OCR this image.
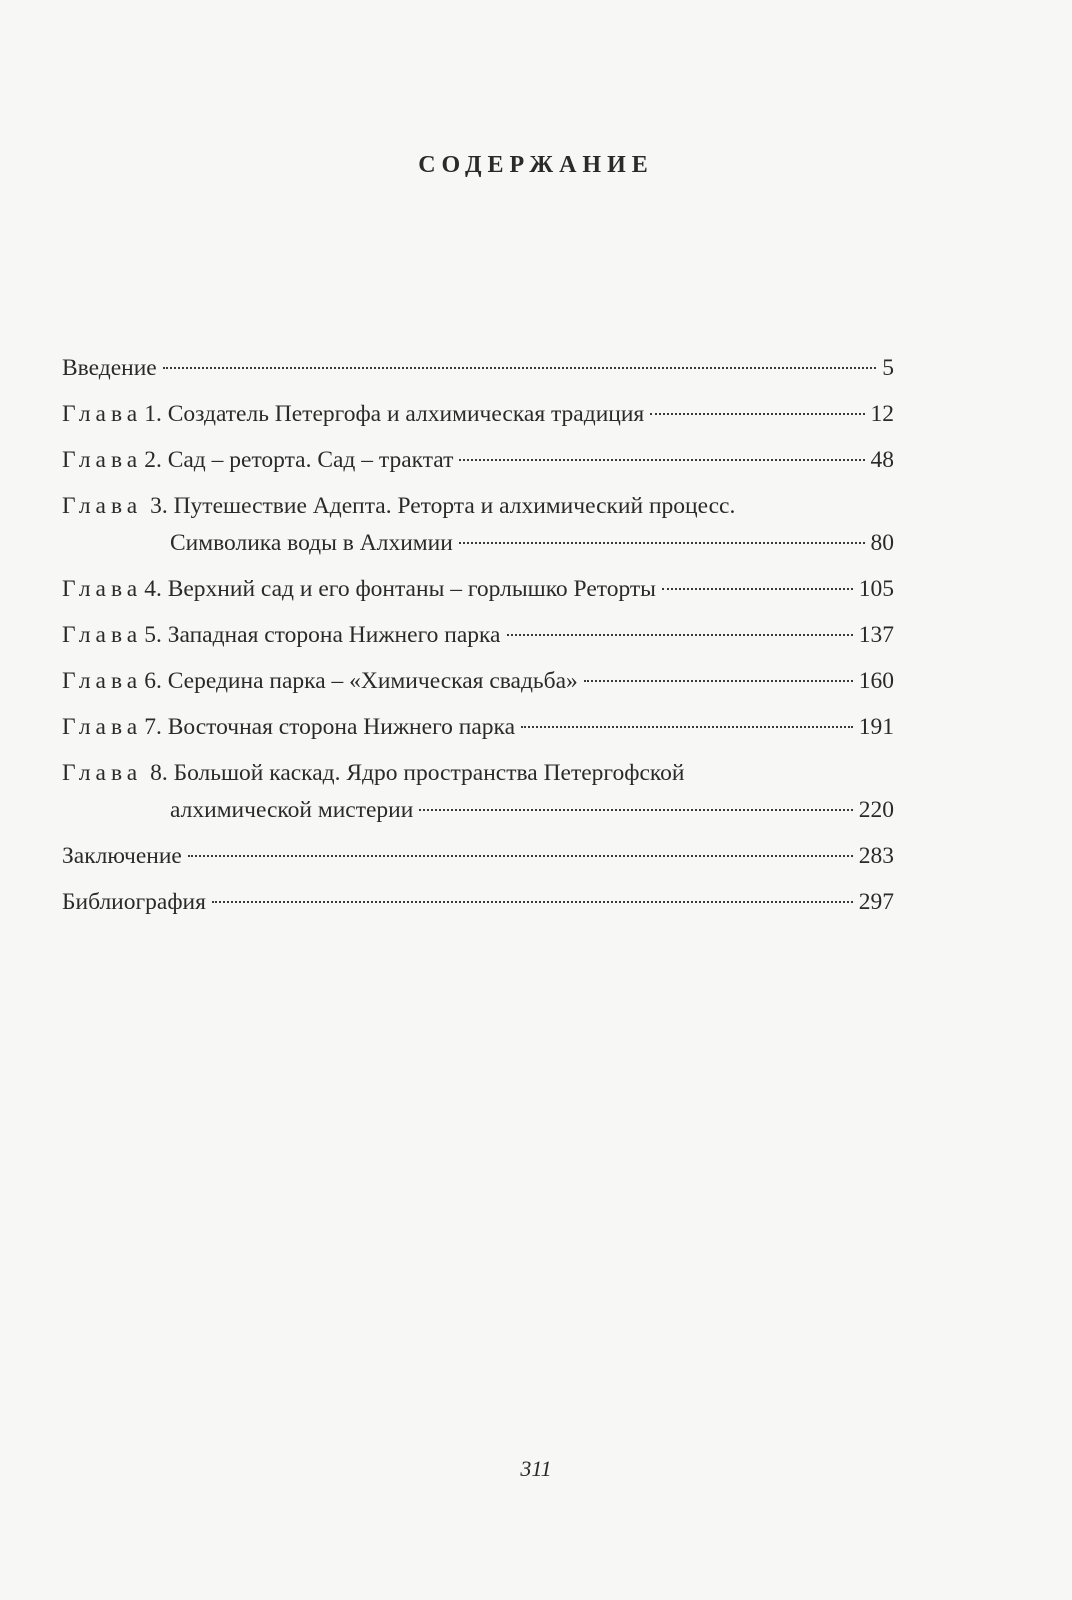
СОДЕРЖАНИЕ
Введение	5
Глава 1. Создатель Петергофа и алхимическая традиция	12
Глава 2. Сад – реторта. Сад – трактат	48
Глава 3. Путешествие Адепта. Реторта и алхимический процесс.
Символика воды в Алхимии	80
Глава 4. Верхний сад и его фонтаны – горлышко Реторты	105
Глава 5. Западная сторона Нижнего парка	137
Глава 6. Середина парка – «Химическая свадьба»	160
Глава 7. Восточная сторона Нижнего парка	191
Глава 8. Большой каскад. Ядро пространства Петергофской
алхимической мистерии	220
Заключение	283
Библиография	297
311
